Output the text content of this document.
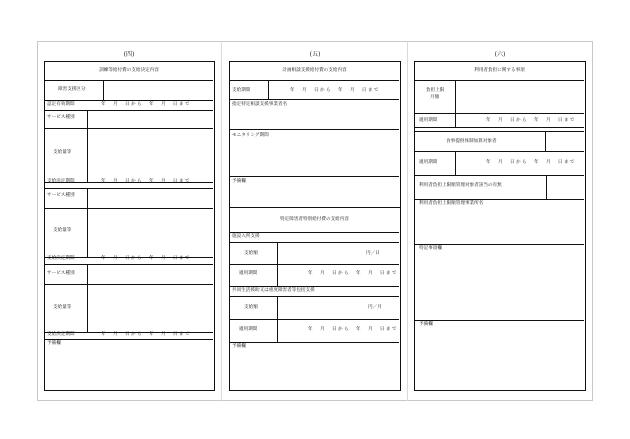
(四)	(五)	(六)
訓練等給付費の支給決定内容
障害支援区分
認定有効期間	年　月　日から　年　月　日まで
サービス種別
支給量等
支給決定期間	年　月　日から　年　月　日まで
サービス種別
支給量等
支給決定期間	年　月　日から　年　月　日まで
サービス種別
支給量等
支給決定期間	年　月　日から　年　月　日まで
予備欄
計画相談支援給付費の支給内容
支給期間	年　月　日から　年　月　日まで
指定特定相談支援事業者名
モニタリング期間
予備欄
特定障害者特別給付費の支給内容
施設入所支援
支給額	円／日
適用期間	年　月　日から　年　月　日まで
共同生活援助又は重度障害者等包括支援
支給額	円／月
適用期間	年　月　日から　年　月　日まで
予備欄
利用者負担に関する事項
負担上限
月額
適用期間	年　月　日から　年　月　日まで
食事提供体制加算対象者
適用期間	年　月　日から　年　月　日まで
利用者負担上限額管理対象者該当の有無
利用者負担上限額管理事業所名
特記事項欄
予備欄
